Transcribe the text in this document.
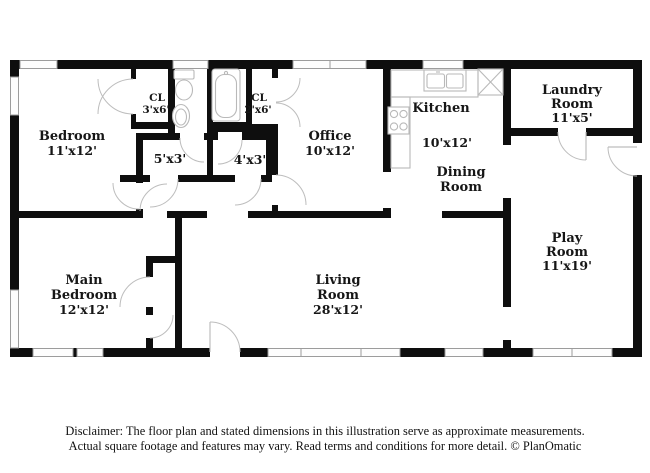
Bedroom
11'x12'
CL
3'x6'
CL
2'x6'
5'x3'	4'x3'
Office
10'x12'
Kitchen
10'x12'
Laundry
Room
11'x5'
Dining
Room
Play
Room
11'x19'
Main
Bedroom
12'x12'
Living
Room
28'x12'
Disclaimer: The floor plan and stated dimensions in this illustration serve as approximate measurements.
Actual square footage and features may vary. Read terms and conditions for more detail. © PlanOmatic
